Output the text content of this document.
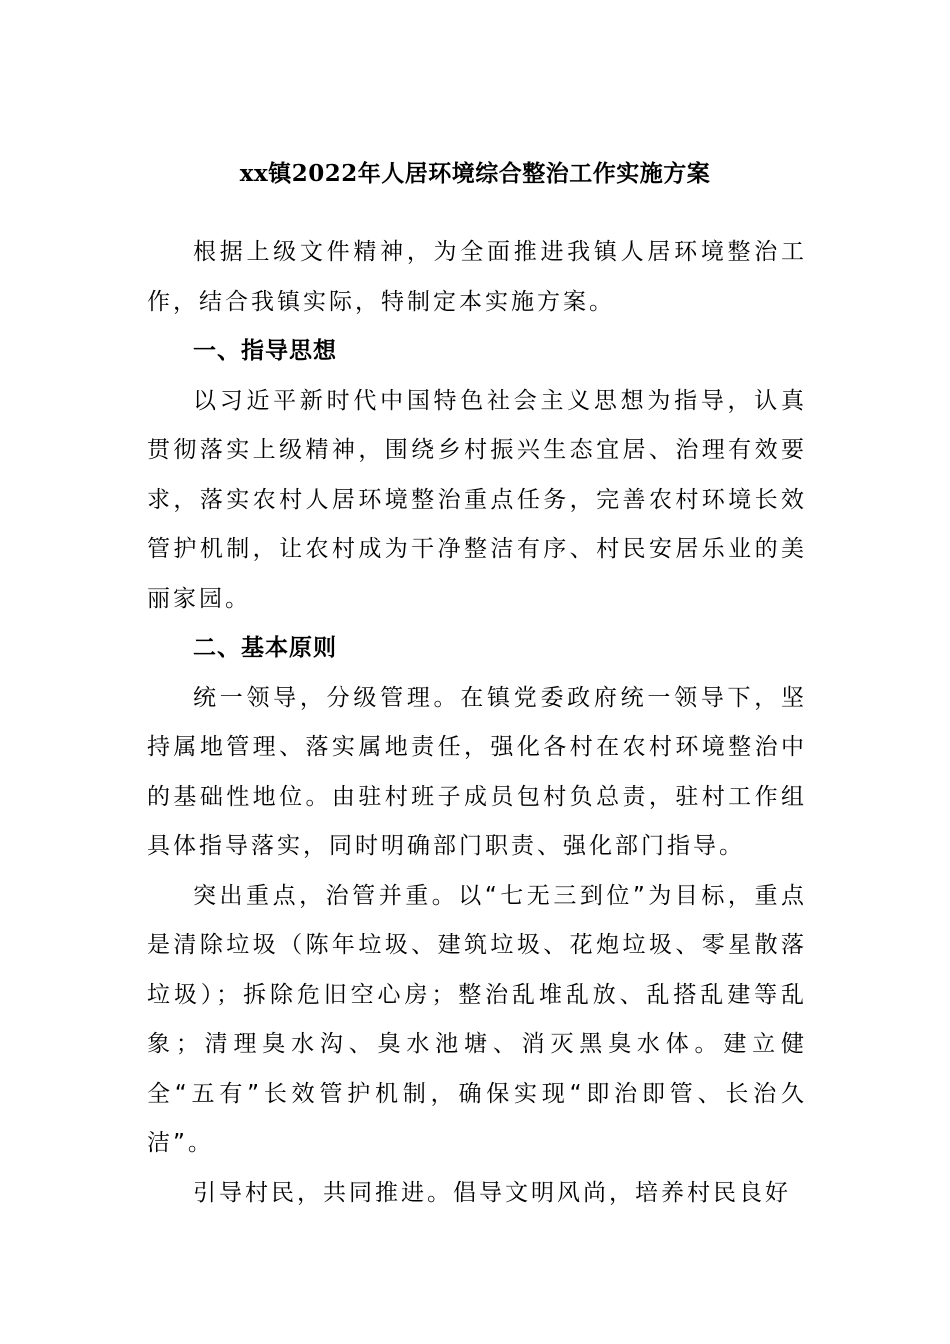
xx镇2022年人居环境综合整治工作实施方案

根据上级文件精神，为全面推进我镇人居环境整治工作，结合我镇实际，特制定本实施方案。

一、指导思想

以习近平新时代中国特色社会主义思想为指导，认真贯彻落实上级精神，围绕乡村振兴生态宜居、治理有效要求，落实农村人居环境整治重点任务，完善农村环境长效管护机制，让农村成为干净整洁有序、村民安居乐业的美丽家园。

二、基本原则

统一领导，分级管理。在镇党委政府统一领导下，坚持属地管理、落实属地责任，强化各村在农村环境整治中的基础性地位。由驻村班子成员包村负总责，驻村工作组具体指导落实，同时明确部门职责、强化部门指导。

突出重点，治管并重。以“七无三到位”为目标，重点是清除垃圾（陈年垃圾、建筑垃圾、花炮垃圾、零星散落垃圾）；拆除危旧空心房；整治乱堆乱放、乱搭乱建等乱象；清理臭水沟、臭水池塘、消灭黑臭水体。建立健全“五有”长效管护机制，确保实现“即治即管、长治久洁”。

引导村民，共同推进。倡导文明风尚，培养村民良好
